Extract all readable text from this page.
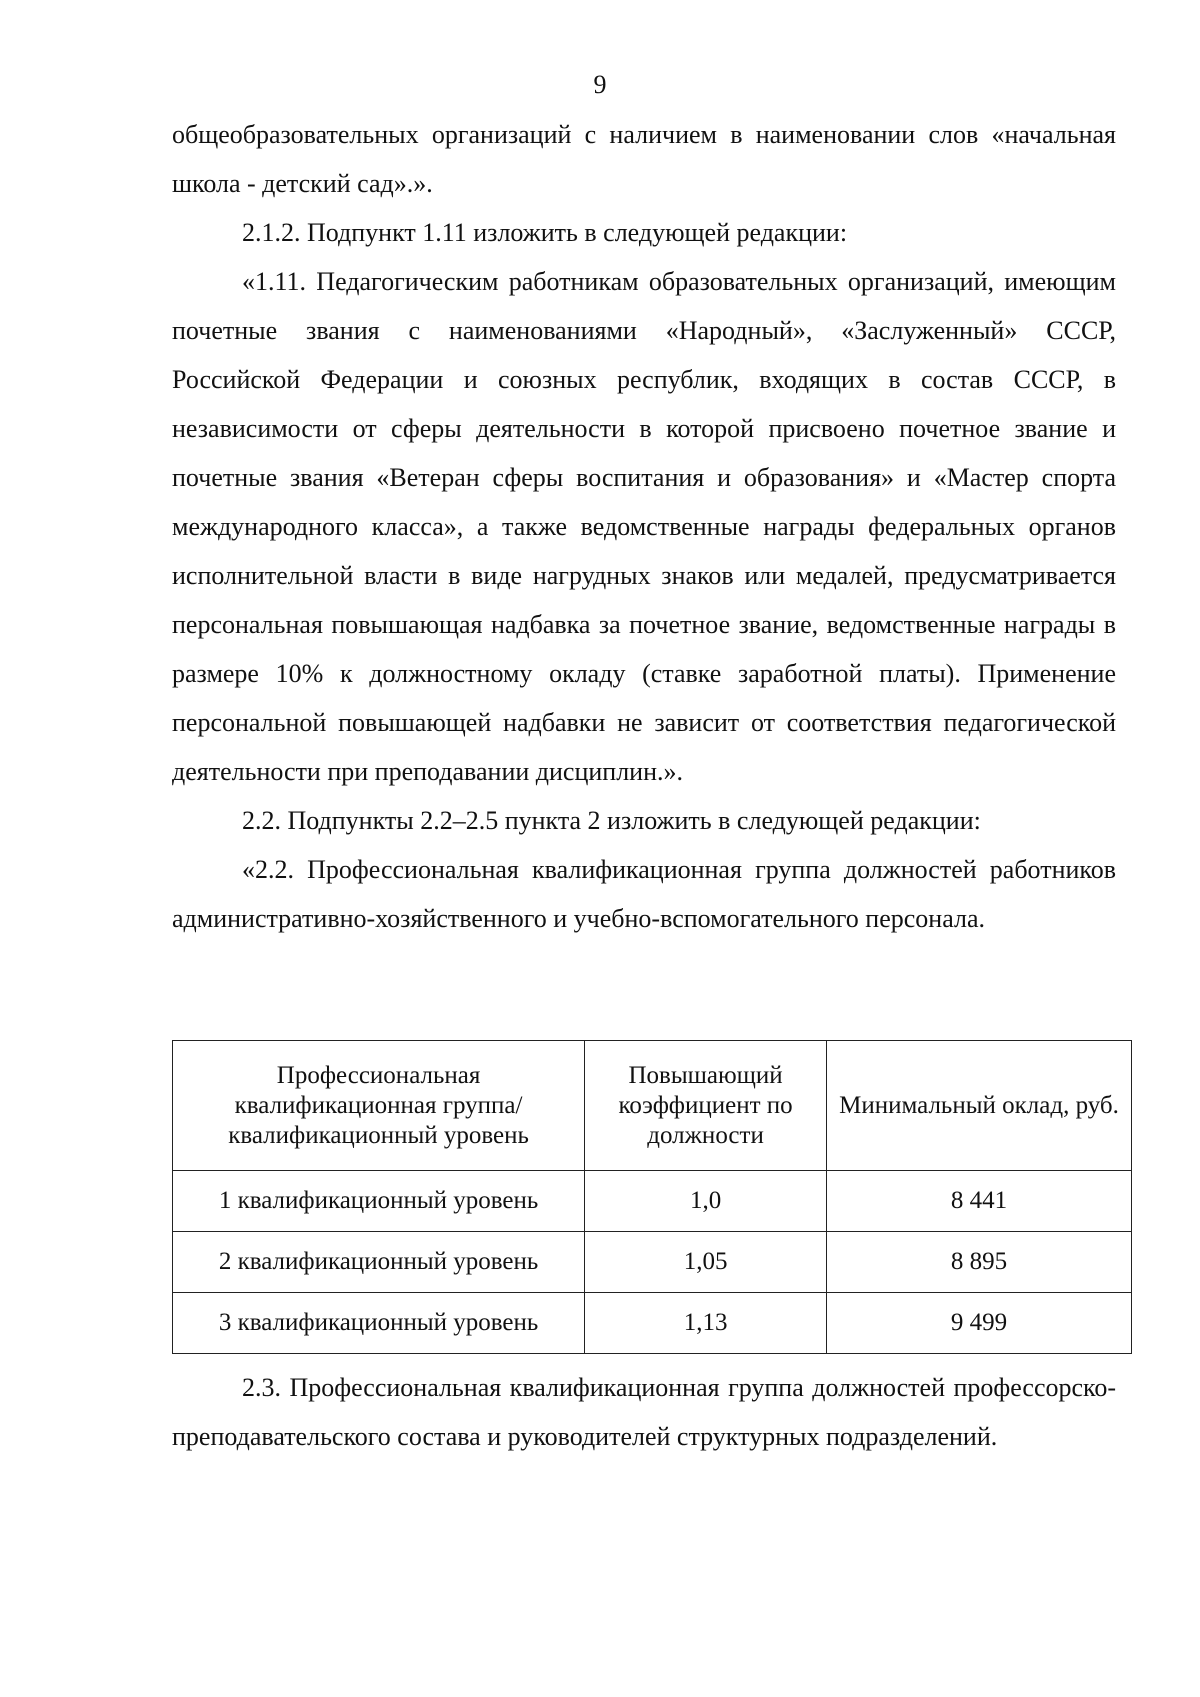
9

общеобразовательных организаций с наличием в наименовании слов «начальная школа - детский сад».».

2.1.2. Подпункт 1.11 изложить в следующей редакции:

«1.11. Педагогическим работникам образовательных организаций, имеющим почетные звания с наименованиями «Народный», «Заслуженный» СССР, Российской Федерации и союзных республик, входящих в состав СССР, в независимости от сферы деятельности в которой присвоено почетное звание и почетные звания «Ветеран сферы воспитания и образования» и «Мастер спорта международного класса», а также ведомственные награды федеральных органов исполнительной власти в виде нагрудных знаков или медалей, предусматривается персональная повышающая надбавка за почетное звание, ведомственные награды в размере 10% к должностному окладу (ставке заработной платы). Применение персональной повышающей надбавки не зависит от соответствия педагогической деятельности при преподавании дисциплин.».

2.2. Подпункты 2.2–2.5 пункта 2 изложить в следующей редакции:

«2.2. Профессиональная квалификационная группа должностей работников административно-хозяйственного и учебно-вспомогательного персонала.

Профессиональная квалификационная группа/квалификационный уровень	Повышающий коэффициент по должности	Минимальный оклад, руб.
1 квалификационный уровень	1,0	8 441
2 квалификационный уровень	1,05	8 895
3 квалификационный уровень	1,13	9 499

2.3. Профессиональная квалификационная группа должностей профессорско-преподавательского состава и руководителей структурных подразделений.
